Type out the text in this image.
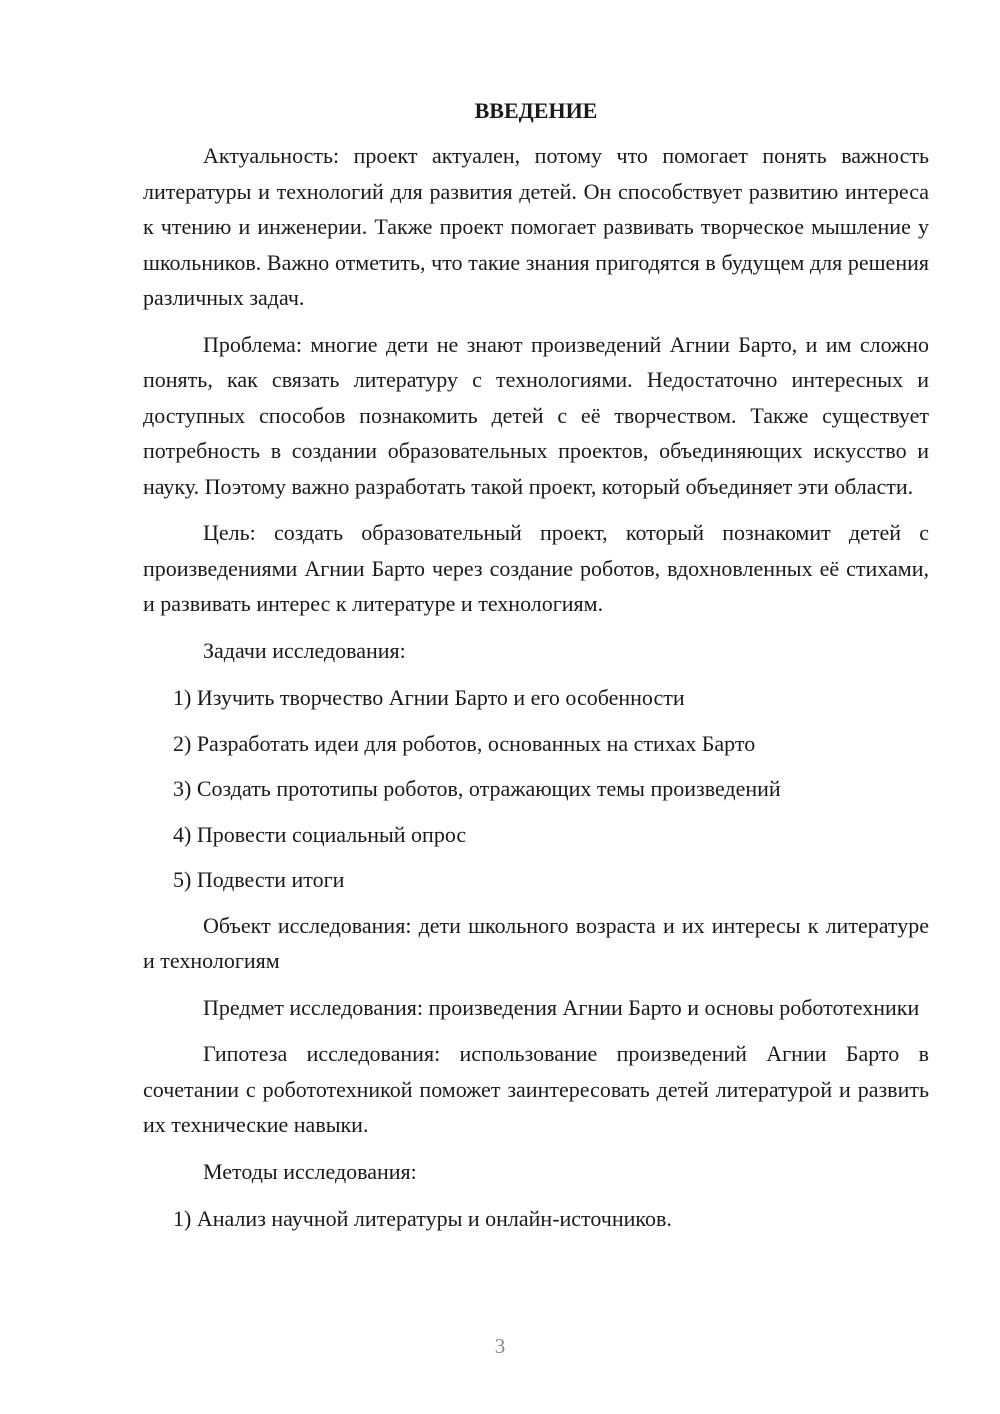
ВВЕДЕНИЕ

Актуальность: проект актуален, потому что помогает понять важность литературы и технологий для развития детей. Он способствует развитию интереса к чтению и инженерии. Также проект помогает развивать творческое мышление у школьников. Важно отметить, что такие знания пригодятся в будущем для решения различных задач.

Проблема: многие дети не знают произведений Агнии Барто, и им сложно понять, как связать литературу с технологиями. Недостаточно интересных и доступных способов познакомить детей с её творчеством. Также существует потребность в создании образовательных проектов, объединяющих искусство и науку. Поэтому важно разработать такой проект, который объединяет эти области.

Цель: создать образовательный проект, который познакомит детей с произведениями Агнии Барто через создание роботов, вдохновленных её стихами, и развивать интерес к литературе и технологиям.

Задачи исследования:

1) Изучить творчество Агнии Барто и его особенности
2) Разработать идеи для роботов, основанных на стихах Барто
3) Создать прототипы роботов, отражающих темы произведений
4) Провести социальный опрос
5) Подвести итоги

Объект исследования: дети школьного возраста и их интересы к литературе и технологиям

Предмет исследования: произведения Агнии Барто и основы робототехники

Гипотеза исследования: использование произведений Агнии Барто в сочетании с робототехникой поможет заинтересовать детей литературой и развить их технические навыки.

Методы исследования:

1) Анализ научной литературы и онлайн-источников.
3
